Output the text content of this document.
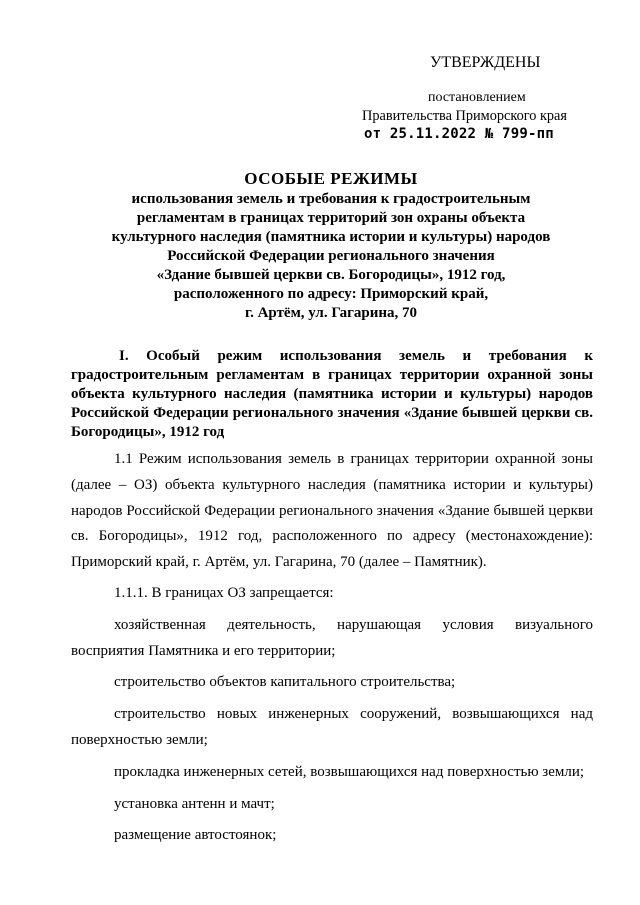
УТВЕРЖДЕНЫ
постановлением
Правительства Приморского края
от 25.11.2022 № 799-пп
ОСОБЫЕ РЕЖИМЫ
использования земель и требования к градостроительным
регламентам в границах территорий зон охраны объекта
культурного наследия (памятника истории и культуры) народов
Российской Федерации регионального значения
«Здание бывшей церкви св. Богородицы», 1912 год,
расположенного по адресу: Приморский край,
г. Артём, ул. Гагарина, 70
I. Особый режим использования земель и требования к градостроительным регламентам в границах территории охранной зоны объекта культурного наследия (памятника истории и культуры) народов Российской Федерации регионального значения «Здание бывшей церкви св. Богородицы», 1912 год

1.1 Режим использования земель в границах территории охранной зоны (далее – ОЗ) объекта культурного наследия (памятника истории и культуры) народов Российской Федерации регионального значения «Здание бывшей церкви св. Богородицы», 1912 год, расположенного по адресу (местонахождение): Приморский край, г. Артём, ул. Гагарина, 70 (далее – Памятник).

1.1.1. В границах ОЗ запрещается:

хозяйственная деятельность, нарушающая условия визуального восприятия Памятника и его территории;

строительство объектов капитального строительства;

строительство новых инженерных сооружений, возвышающихся над поверхностью земли;

прокладка инженерных сетей, возвышающихся над поверхностью земли;

установка антенн и мачт;

размещение автостоянок;
